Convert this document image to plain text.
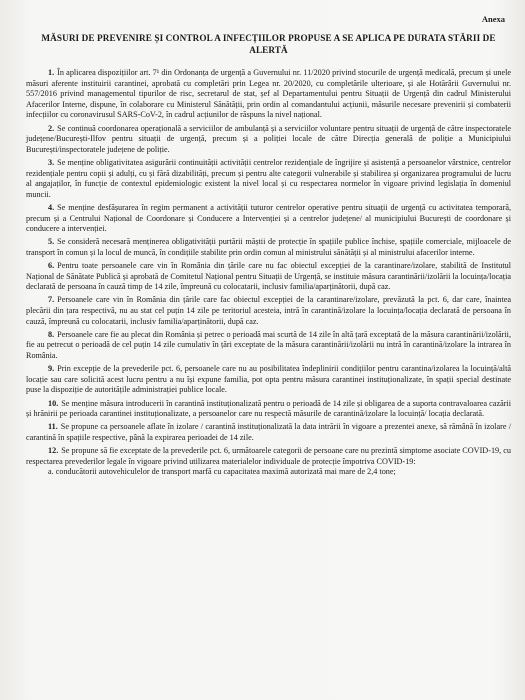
Anexa
MĂSURI DE PREVENIRE ȘI CONTROL A INFECȚIILOR PROPUSE A SE APLICA PE DURATA STĂRII DE ALERTĂ
1. În aplicarea dispozițiilor art. 7¹ din Ordonanța de urgență a Guvernului nr. 11/2020 privind stocurile de urgență medicală, precum și unele măsuri aferente instituirii carantinei, aprobată cu completări prin Legea nr. 20/2020, cu completările ulterioare, și ale Hotărârii Guvernului nr. 557/2016 privind managementul tipurilor de risc, secretarul de stat, șef al Departamentului pentru Situații de Urgență din cadrul Ministerului Afacerilor Interne, dispune, în colaborare cu Ministerul Sănătății, prin ordin al comandantului acțiunii, măsurile necesare prevenirii și combaterii infecțiilor cu coronavirusul SARS-CoV-2, în cadrul acțiunilor de răspuns la nivel național.
2. Se continuă coordonarea operațională a serviciilor de ambulanță și a serviciilor voluntare pentru situații de urgență de către inspectoratele județene/București-Ilfov pentru situații de urgență, precum și a poliției locale de către Direcția generală de poliție a Municipiului București/inspectoratele județene de poliție.
3. Se menține obligativitatea asigurării continuității activității centrelor rezidențiale de îngrijire și asistență a persoanelor vârstnice, centrelor rezidențiale pentru copii și adulți, cu și fără dizabilități, precum și pentru alte categorii vulnerabile și stabilirea și organizarea programului de lucru al angajaților, în funcție de contextul epidemiologic existent la nivel local și cu respectarea normelor în vigoare privind legislația în domeniul muncii.
4. Se menține desfășurarea în regim permanent a activității tuturor centrelor operative pentru situații de urgență cu activitatea temporară, precum și a Centrului Național de Coordonare și Conducere a Intervenției și a centrelor județene/ al municipiului București de coordonare și conducere a intervenției.
5. Se consideră necesară menținerea obligativității purtării măștii de protecție în spațiile publice închise, spațiile comerciale, mijloacele de transport în comun și la locul de muncă, în condițiile stabilite prin ordin comun al ministrului sănătății și al ministrului afacerilor interne.
6. Pentru toate persoanele care vin în România din țările care nu fac obiectul excepției de la carantinare/izolare, stabilită de Institutul Național de Sănătate Publică și aprobată de Comitetul Național pentru Situații de Urgență, se instituie măsura carantinării/izolării la locuința/locația declarată de persoana în cauză timp de 14 zile, împreună cu colocatarii, inclusiv familia/aparținătorii, după caz.
7. Persoanele care vin în România din țările care fac obiectul excepției de la carantinare/izolare, prevăzută la pct. 6, dar care, înaintea plecării din țara respectivă, nu au stat cel puțin 14 zile pe teritoriul acesteia, intră în carantină/izolare la locuința/locația declarată de persoana în cauză, împreună cu colocatarii, inclusiv familia/aparținătorii, după caz.
8. Persoanele care fie au plecat din România și petrec o perioadă mai scurtă de 14 zile în altă țară exceptată de la măsura carantinării/izolării, fie au petrecut o perioadă de cel puțin 14 zile cumulativ în țări exceptate de la măsura carantinării/izolării nu intră în carantină/izolare la intrarea în România.
9. Prin excepție de la prevederile pct. 6, persoanele care nu au posibilitatea îndeplinirii condițiilor pentru carantina/izolarea la locuință/altă locație sau care solicită acest lucru pentru a nu își expune familia, pot opta pentru măsura carantinei instituționalizate, în spații special destinate puse la dispoziție de autoritățile administrației publice locale.
10. Se menține măsura introducerii în carantină instituționalizată pentru o perioadă de 14 zile și obligarea de a suporta contravaloarea cazării și hrănirii pe perioada carantinei instituționalizate, a persoanelor care nu respectă măsurile de carantină/izolare la locuință/ locația declarată.
11. Se propune ca persoanele aflate în izolare / carantină instituționalizată la data intrării în vigoare a prezentei anexe, să rămână în izolare / carantină în spațiile respective, până la expirarea perioadei de 14 zile.
12. Se propune să fie exceptate de la prevederile pct. 6, următoarele categorii de persoane care nu prezintă simptome asociate COVID-19, cu respectarea prevederilor legale în vigoare privind utilizarea materialelor individuale de protecție împotriva COVID-19:
a. conducătorii autovehiculelor de transport marfă cu capacitatea maximă autorizată mai mare de 2,4 tone;
